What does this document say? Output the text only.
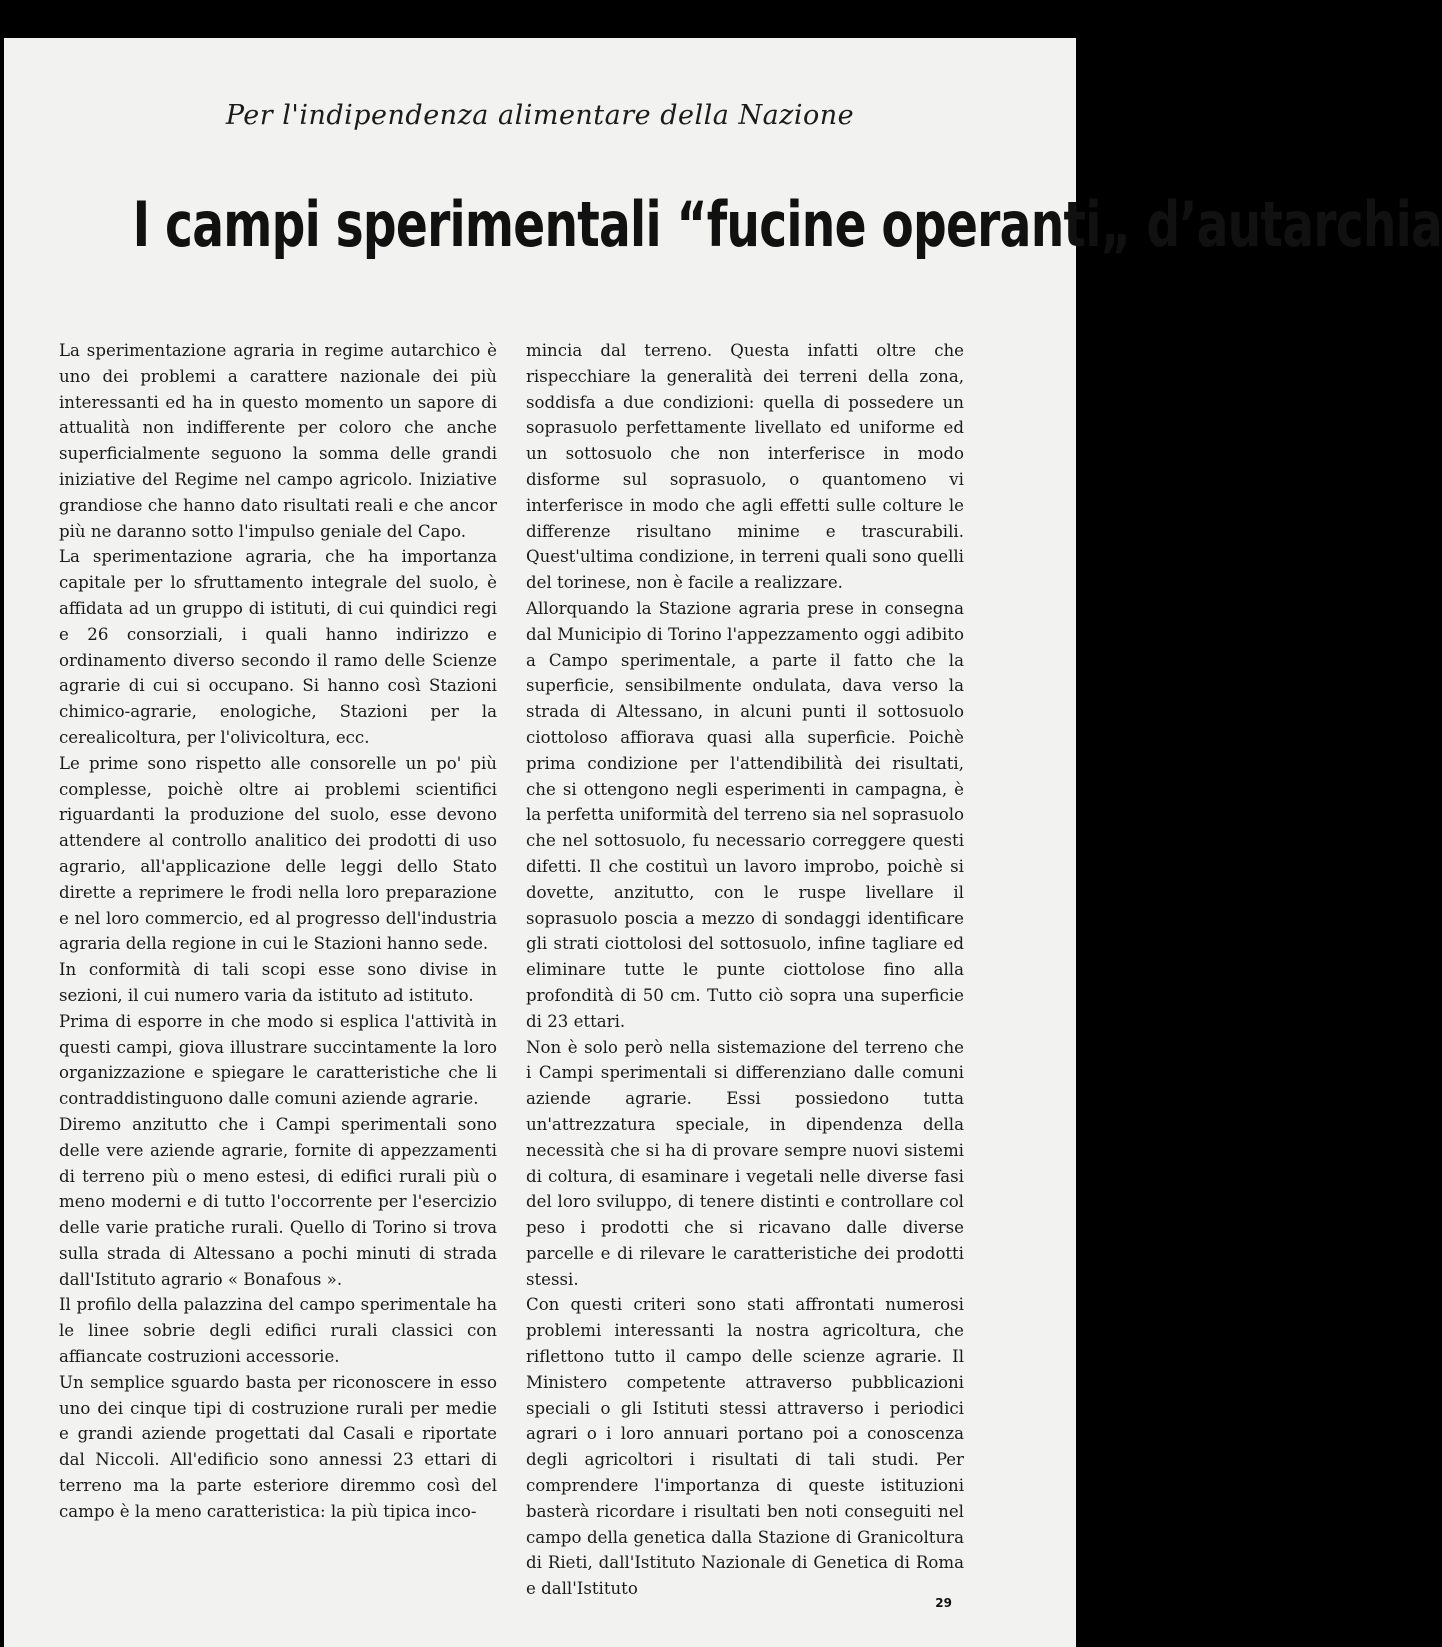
Per l'indipendenza alimentare della Nazione
I campi sperimentali “fucine operanti„ d’autarchia

La sperimentazione agraria in regime autarchico è uno dei problemi a carattere nazionale dei più interessanti ed ha in questo momento un sapore di attualità non indifferente per coloro che anche superficialmente seguono la somma delle grandi iniziative del Regime nel campo agricolo. Iniziative grandiose che hanno dato risultati reali e che ancor più ne daranno sotto l'impulso geniale del Capo.

La sperimentazione agraria, che ha importanza capitale per lo sfruttamento integrale del suolo, è affidata ad un gruppo di istituti, di cui quindici regi e 26 consorziali, i quali hanno indirizzo e ordinamento diverso secondo il ramo delle Scienze agrarie di cui si occupano. Si hanno così Stazioni chimico-agrarie, enologiche, Stazioni per la cerealicoltura, per l'olivicoltura, ecc.

Le prime sono rispetto alle consorelle un po' più complesse, poichè oltre ai problemi scientifici riguardanti la produzione del suolo, esse devono attendere al controllo analitico dei prodotti di uso agrario, all'applicazione delle leggi dello Stato dirette a reprimere le frodi nella loro preparazione e nel loro commercio, ed al progresso dell'industria agraria della regione in cui le Stazioni hanno sede.

In conformità di tali scopi esse sono divise in sezioni, il cui numero varia da istituto ad istituto.

Prima di esporre in che modo si esplica l'attività in questi campi, giova illustrare succintamente la loro organizzazione e spiegare le caratteristiche che li contraddistinguono dalle comuni aziende agrarie.

Diremo anzitutto che i Campi sperimentali sono delle vere aziende agrarie, fornite di appezzamenti di terreno più o meno estesi, di edifici rurali più o meno moderni e di tutto l'occorrente per l'esercizio delle varie pratiche rurali. Quello di Torino si trova sulla strada di Altessano a pochi minuti di strada dall'Istituto agrario « Bonafous ».

Il profilo della palazzina del campo sperimentale ha le linee sobrie degli edifici rurali classici con affiancate costruzioni accessorie.

Un semplice sguardo basta per riconoscere in esso uno dei cinque tipi di costruzione rurali per medie e grandi aziende progettati dal Casali e riportate dal Niccoli. All'edificio sono annessi 23 ettari di terreno ma la parte esteriore diremmo così del campo è la meno caratteristica: la più tipica inco-

mincia dal terreno. Questa infatti oltre che rispecchiare la generalità dei terreni della zona, soddisfa a due condizioni: quella di possedere un soprasuolo perfettamente livellato ed uniforme ed un sottosuolo che non interferisce in modo disforme sul soprasuolo, o quantomeno vi interferisce in modo che agli effetti sulle colture le differenze risultano minime e trascurabili. Quest'ultima condizione, in terreni quali sono quelli del torinese, non è facile a realizzare.

Allorquando la Stazione agraria prese in consegna dal Municipio di Torino l'appezzamento oggi adibito a Campo sperimentale, a parte il fatto che la superficie, sensibilmente ondulata, dava verso la strada di Altessano, in alcuni punti il sottosuolo ciottoloso affiorava quasi alla superficie. Poichè prima condizione per l'attendibilità dei risultati, che si ottengono negli esperimenti in campagna, è la perfetta uniformità del terreno sia nel soprasuolo che nel sottosuolo, fu necessario correggere questi difetti. Il che costituì un lavoro improbo, poichè si dovette, anzitutto, con le ruspe livellare il soprasuolo poscia a mezzo di sondaggi identificare gli strati ciottolosi del sottosuolo, infine tagliare ed eliminare tutte le punte ciottolose fino alla profondità di 50 cm. Tutto ciò sopra una superficie di 23 ettari.

Non è solo però nella sistemazione del terreno che i Campi sperimentali si differenziano dalle comuni aziende agrarie. Essi possiedono tutta un'attrezzatura speciale, in dipendenza della necessità che si ha di provare sempre nuovi sistemi di coltura, di esaminare i vegetali nelle diverse fasi del loro sviluppo, di tenere distinti e controllare col peso i prodotti che si ricavano dalle diverse parcelle e di rilevare le caratteristiche dei prodotti stessi.

Con questi criteri sono stati affrontati numerosi problemi interessanti la nostra agricoltura, che riflettono tutto il campo delle scienze agrarie. Il Ministero competente attraverso pubblicazioni speciali o gli Istituti stessi attraverso i periodici agrari o i loro annuari portano poi a conoscenza degli agricoltori i risultati di tali studi. Per comprendere l'importanza di queste istituzioni basterà ricordare i risultati ben noti conseguiti nel campo della genetica dalla Stazione di Granicoltura di Rieti, dall'Istituto Nazionale di Genetica di Roma e dall'Istituto

29
